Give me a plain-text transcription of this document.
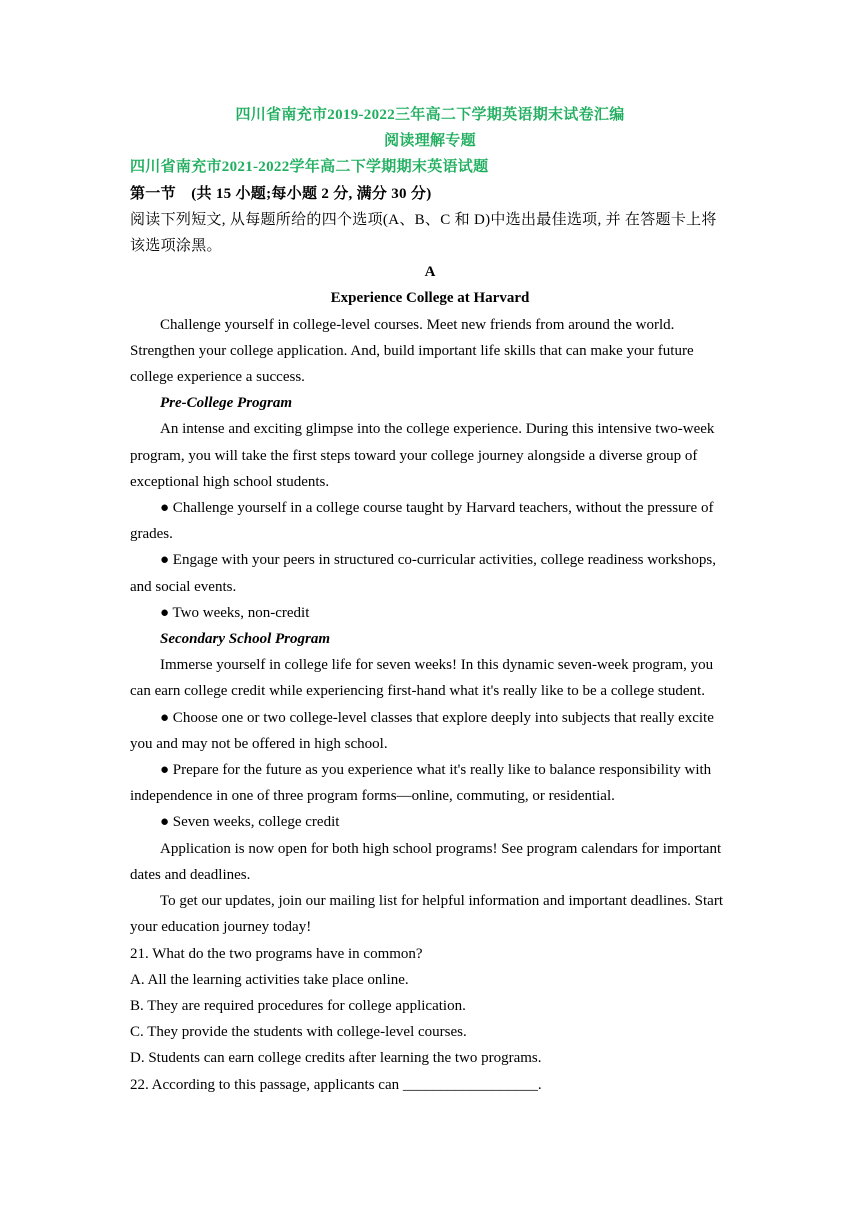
四川省南充市2019-2022三年高二下学期英语期末试卷汇编

阅读理解专题

四川省南充市2021-2022学年高二下学期期末英语试题

第一节　(共 15 小题;每小题 2 分, 满分 30 分)

阅读下列短文, 从每题所给的四个选项(A、B、C 和 D)中选出最佳选项, 并 在答题卡上将该选项涂黑。

A

Experience College at Harvard

Challenge yourself in college-level courses. Meet new friends from around the world. Strengthen your college application. And, build important life skills that can make your future college experience a success.

Pre-College Program

An intense and exciting glimpse into the college experience. During this intensive two-week program, you will take the first steps toward your college journey alongside a diverse group of exceptional high school students.

● Challenge yourself in a college course taught by Harvard teachers, without the pressure of grades.

● Engage with your peers in structured co-curricular activities, college readiness workshops, and social events.

● Two weeks, non-credit

Secondary School Program

Immerse yourself in college life for seven weeks! In this dynamic seven-week program, you can earn college credit while experiencing first-hand what it's really like to be a college student.

● Choose one or two college-level classes that explore deeply into subjects that really excite you and may not be offered in high school.

● Prepare for the future as you experience what it's really like to balance responsibility with independence in one of three program forms—online, commuting, or residential.

● Seven weeks, college credit

Application is now open for both high school programs! See program calendars for important dates and deadlines.

To get our updates, join our mailing list for helpful information and important deadlines. Start your education journey today!

21. What do the two programs have in common?

A. All the learning activities take place online.

B. They are required procedures for college application.

C. They provide the students with college-level courses.

D. Students can earn college credits after learning the two programs.

22. According to this passage, applicants can __________________.
